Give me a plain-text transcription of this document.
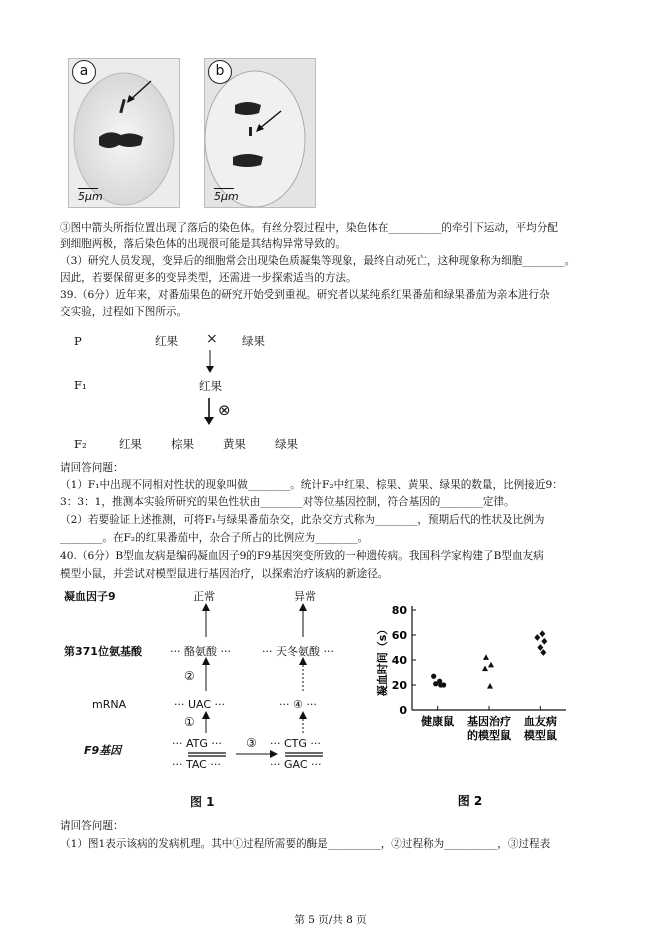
a
5μm
b
5μm
③图中箭头所指位置出现了落后的染色体。有丝分裂过程中，染色体在__________的牵引下运动，平均分配
到细胞两极，落后染色体的出现很可能是其结构异常导致的。
（3）研究人员发现，变异后的细胞常会出现染色质凝集等现象，最终自动死亡，这种现象称为细胞________。
因此，若要保留更多的变异类型，还需进一步探索适当的方法。
39.（6分）近年来，对番茄果色的研究开始受到重视。研究者以某纯系红果番茄和绿果番茄为亲本进行杂
交实验，过程如下图所示。
P	红果 × 绿果
F₁	红果
⊗
F₂	红果	棕果	黄果	绿果
请回答问题：
（1）F₁中出现不同相对性状的现象叫做________。统计F₂中红果、棕果、黄果、绿果的数量，比例接近9：
3：3：1，推测本实验所研究的果色性状由________对等位基因控制，符合基因的________定律。
（2）若要验证上述推测，可将F₁与绿果番茄杂交，此杂交方式称为________，预期后代的性状及比例为
________。在F₂的红果番茄中，杂合子所占的比例应为________。
40.（6分）B型血友病是编码凝血因子9的F9基因突变所致的一种遗传病。我国科学家构建了B型血友病
模型小鼠，并尝试对模型鼠进行基因治疗，以探索治疗该病的新途径。
凝血因子9
第371位氨基酸
mRNA
F9基因
正常	异常
··· 酪氨酸 ···	··· 天冬氨酸 ···
②
··· UAC ···	··· ④ ···
①
··· ATG ···
··· TAC ···
③ ··· CTG ···
··· GAC ···
图 1
0
20
40
60
80
凝血时间（s）
健康鼠 基因治疗
的模型鼠
血友病
模型鼠
图 2
请回答问题：
（1）图1表示该病的发病机理。其中①过程所需要的酶是__________，②过程称为__________，③过程表
第 5 页/共 8 页
